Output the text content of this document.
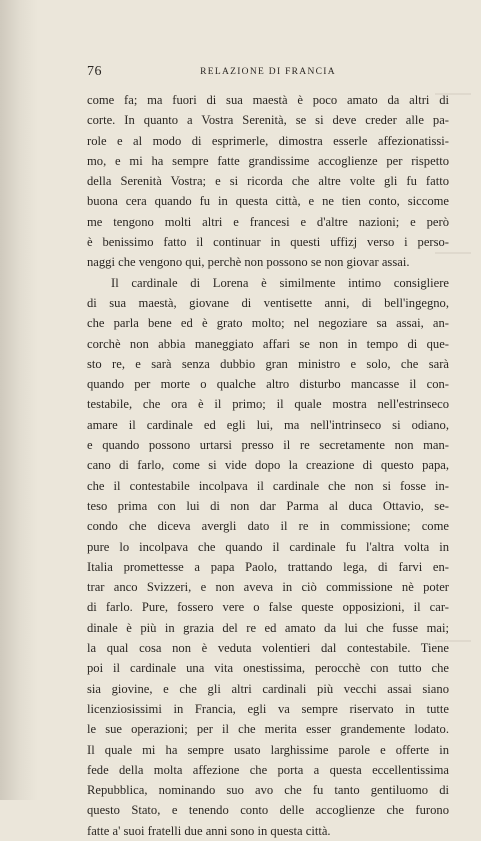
76	RELAZIONE DI FRANCIA
come fa; ma fuori di sua maestà è poco amato da altri di
corte. In quanto a Vostra Serenità, se si deve creder alle pa-
role e al modo di esprimerle, dimostra esserle affezionatissi-
mo, e mi ha sempre fatte grandissime accoglienze per rispetto
della Serenità Vostra; e si ricorda che altre volte gli fu fatto
buona cera quando fu in questa città, e ne tien conto, siccome
me tengono molti altri e francesi e d'altre nazioni; e però
è benissimo fatto il continuar in questi uffizj verso i perso-
naggi che vengono qui, perchè non possono se non giovar assai.
Il cardinale di Lorena è similmente intimo consigliere
di sua maestà, giovane di ventisette anni, di bell'ingegno,
che parla bene ed è grato molto; nel negoziare sa assai, an-
corchè non abbia maneggiato affari se non in tempo di que-
sto re, e sarà senza dubbio gran ministro e solo, che sarà
quando per morte o qualche altro disturbo mancasse il con-
testabile, che ora è il primo; il quale mostra nell'estrinseco
amare il cardinale ed egli lui, ma nell'intrinseco si odiano,
e quando possono urtarsi presso il re secretamente non man-
cano di farlo, come si vide dopo la creazione di questo papa,
che il contestabile incolpava il cardinale che non si fosse in-
teso prima con lui di non dar Parma al duca Ottavio, se-
condo che diceva avergli dato il re in commissione; come
pure lo incolpava che quando il cardinale fu l'altra volta in
Italia promettesse a papa Paolo, trattando lega, di farvi en-
trar anco Svizzeri, e non aveva in ciò commissione nè poter
di farlo. Pure, fossero vere o false queste opposizioni, il car-
dinale è più in grazia del re ed amato da lui che fusse mai;
la qual cosa non è veduta volentieri dal contestabile. Tiene
poi il cardinale una vita onestissima, perocchè con tutto che
sia giovine, e che gli altri cardinali più vecchi assai siano
licenziosissimi in Francia, egli va sempre riservato in tutte
le sue operazioni; per il che merita esser grandemente lodato.
Il quale mi ha sempre usato larghissime parole e offerte in
fede della molta affezione che porta a questa eccellentissima
Repubblica, nominando suo avo che fu tanto gentiluomo di
questo Stato, e tenendo conto delle accoglienze che furono
fatte a' suoi fratelli due anni sono in questa città.
